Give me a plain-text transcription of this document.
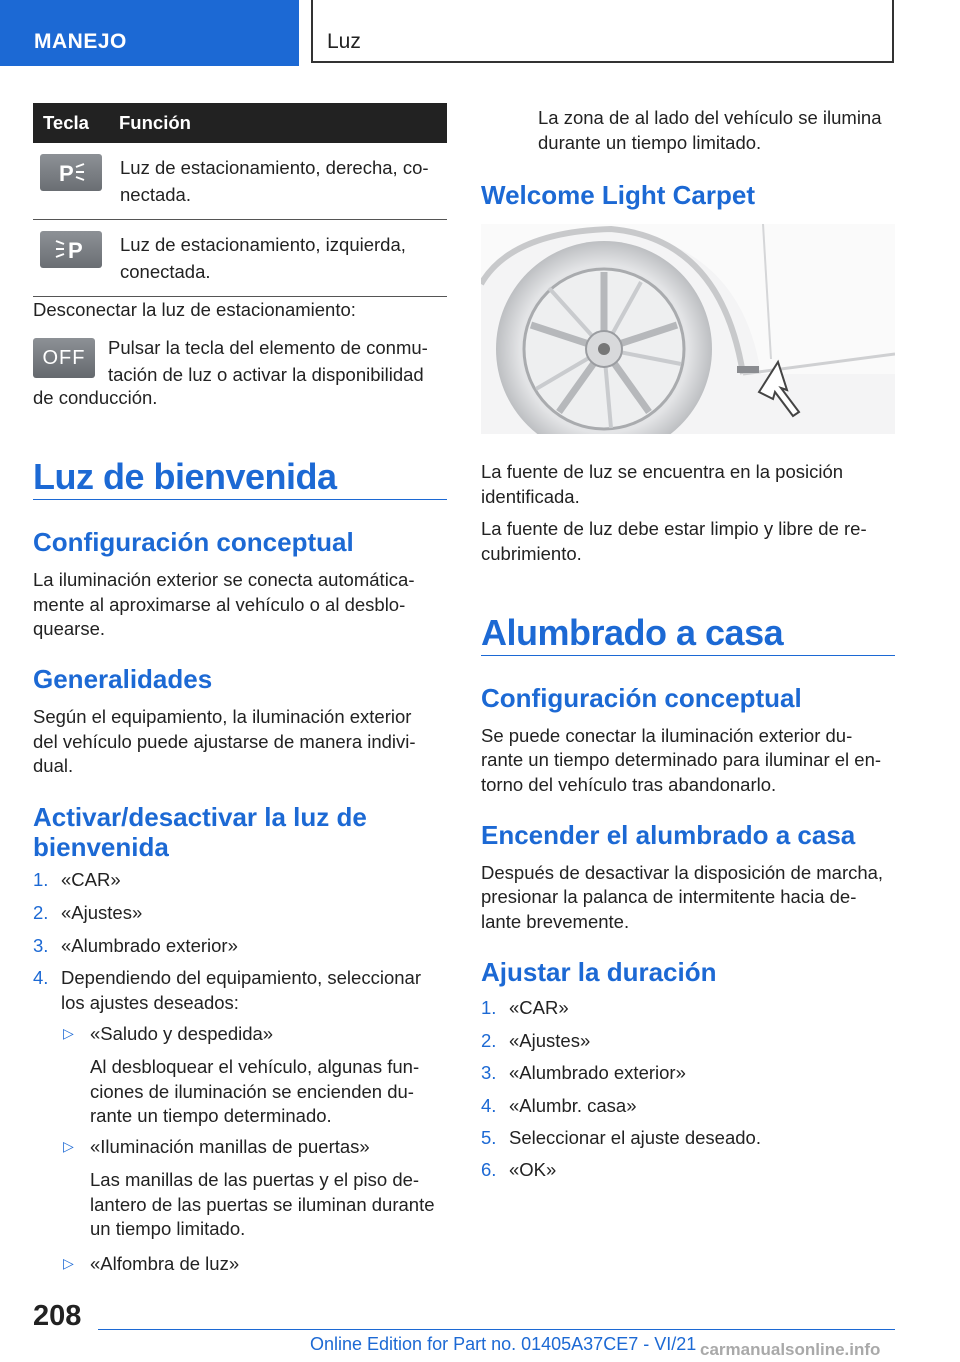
MANEJO	Luz
Tecla	Función

P	Luz de estacionamiento, derecha, co-
nectada.

P	Luz de estacionamiento, izquierda,
conectada.

Desconectar la luz de estacionamiento:

OFF	Pulsar la tecla del elemento de conmu-

tación de luz o activar la disponibilidad

de conducción.

Luz de bienvenida
Configuración conceptual

La iluminación exterior se conecta automática-

mente al aproximarse al vehículo o al desblo-

quearse.

Generalidades

Según el equipamiento, la iluminación exterior

del vehículo puede ajustarse de manera indivi-

dual.

Activar/desactivar la luz de
bienvenida
1. «CAR»
2. «Ajustes»
3. «Alumbrado exterior»
4. Dependiendo del equipamiento, seleccionar
los ajustes deseados:
▷ «Saludo y despedida»
Al desbloquear el vehículo, algunas fun-
ciones de iluminación se encienden du-
rante un tiempo determinado.
▷ «Iluminación manillas de puertas»
Las manillas de las puertas y el piso de-
lantero de las puertas se iluminan durante
un tiempo limitado.
▷ «Alfombra de luz»

La zona de al lado del vehículo se ilumina

durante un tiempo limitado.

Welcome Light Carpet

La fuente de luz se encuentra en la posición

identificada.

La fuente de luz debe estar limpio y libre de re-

cubrimiento.

Alumbrado a casa
Configuración conceptual

Se puede conectar la iluminación exterior du-

rante un tiempo determinado para iluminar el en-

torno del vehículo tras abandonarlo.

Encender el alumbrado a casa

Después de desactivar la disposición de marcha,

presionar la palanca de intermitente hacia de-

lante brevemente.

Ajustar la duración
1. «CAR»
2. «Ajustes»
3. «Alumbrado exterior»
4. «Alumbr. casa»
5. Seleccionar el ajuste deseado.
6. «OK»
208
Online Edition for Part no. 01405A37CE7 - VI/21 carmanualsonline.info
